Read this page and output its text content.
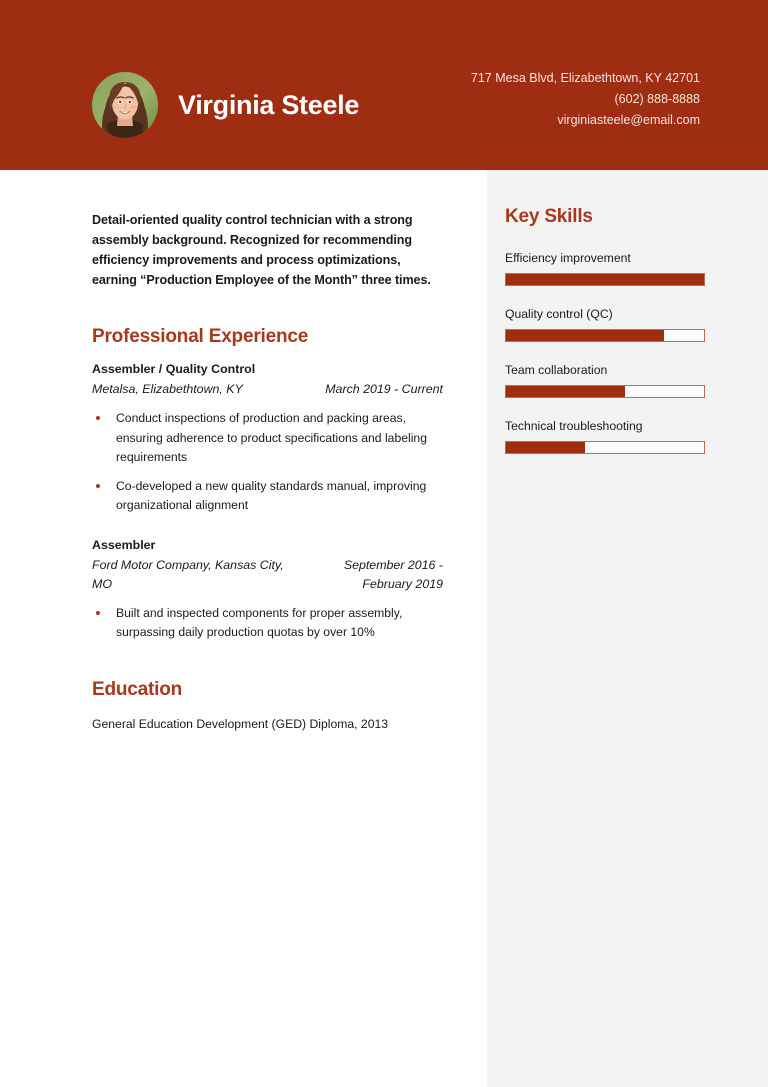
Virginia Steele
717 Mesa Blvd, Elizabethtown, KY 42701
(602) 888-8888
virginiasteele@email.com
Detail-oriented quality control technician with a strong assembly background. Recognized for recommending efficiency improvements and process optimizations, earning “Production Employee of the Month” three times.
Professional Experience
Assembler / Quality Control
Metalsa, Elizabethtown, KY	March 2019 - Current
Conduct inspections of production and packing areas, ensuring adherence to product specifications and labeling requirements
Co-developed a new quality standards manual, improving organizational alignment
Assembler
Ford Motor Company, Kansas City, MO
September 2016 - February 2019
Built and inspected components for proper assembly, surpassing daily production quotas by over 10%
Education
General Education Development (GED) Diploma, 2013
Key Skills
Efficiency improvement
Quality control (QC)
Team collaboration
Technical troubleshooting
